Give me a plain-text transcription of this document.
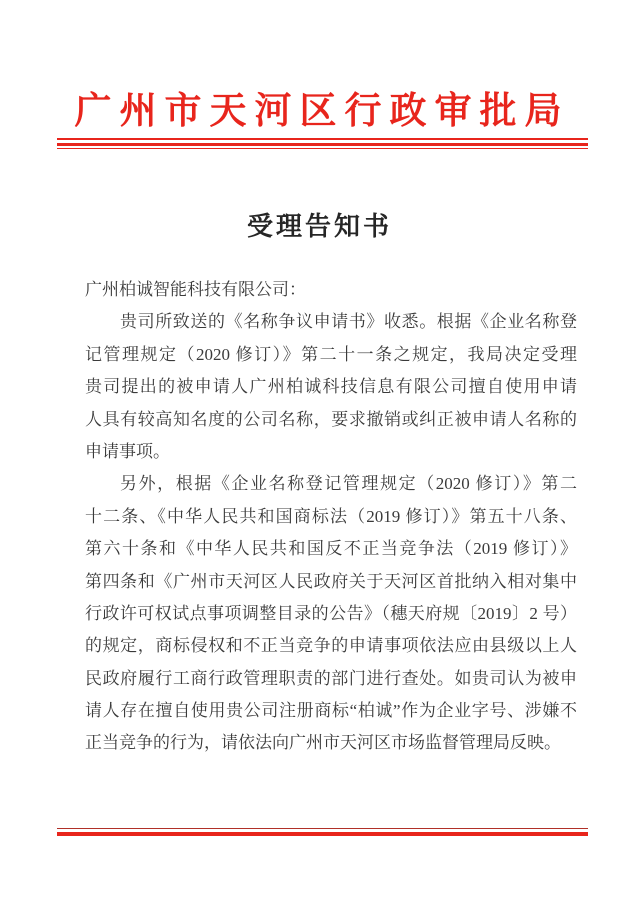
广州市天河区行政审批局
受理告知书
广州柏诚智能科技有限公司：
贵司所致送的《名称争议申请书》收悉。根据《企业名称登
记管理规定（2020 修订）》第二十一条之规定，我局决定受理
贵司提出的被申请人广州柏诚科技信息有限公司擅自使用申请
人具有较高知名度的公司名称，要求撤销或纠正被申请人名称的
申请事项。
另外，根据《企业名称登记管理规定（2020 修订）》第二
十二条、《中华人民共和国商标法（2019 修订）》第五十八条、
第六十条和《中华人民共和国反不正当竞争法（2019 修订）》
第四条和《广州市天河区人民政府关于天河区首批纳入相对集中
行政许可权试点事项调整目录的公告》（穗天府规〔2019〕2 号）
的规定，商标侵权和不正当竞争的申请事项依法应由县级以上人
民政府履行工商行政管理职责的部门进行查处。如贵司认为被申
请人存在擅自使用贵公司注册商标“柏诚”作为企业字号、涉嫌不
正当竞争的行为，请依法向广州市天河区市场监督管理局反映。
